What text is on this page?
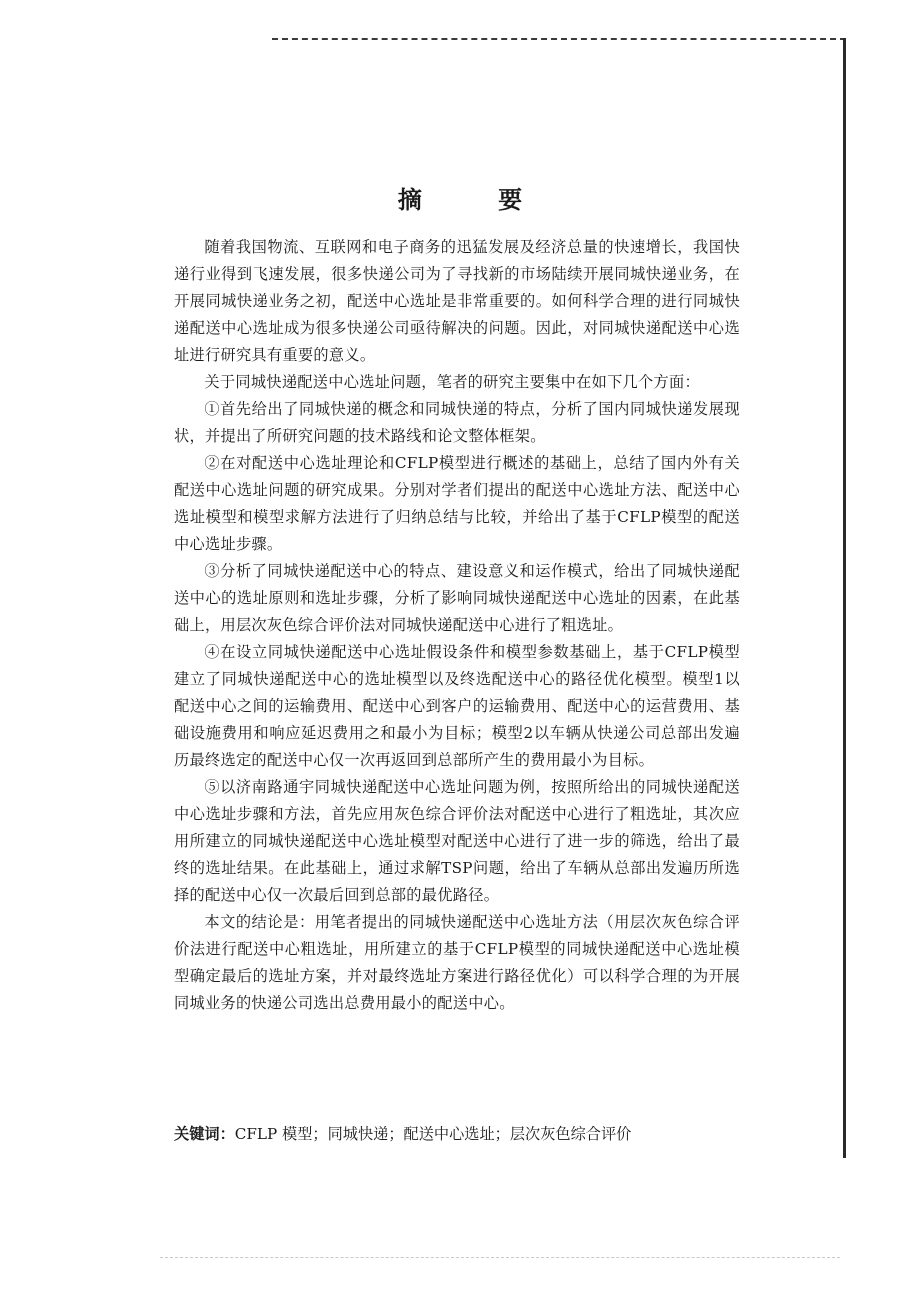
摘 要

随着我国物流、互联网和电子商务的迅猛发展及经济总量的快速增长，我国快递行业得到飞速发展，很多快递公司为了寻找新的市场陆续开展同城快递业务，在开展同城快递业务之初，配送中心选址是非常重要的。如何科学合理的进行同城快递配送中心选址成为很多快递公司亟待解决的问题。因此，对同城快递配送中心选址进行研究具有重要的意义。

关于同城快递配送中心选址问题，笔者的研究主要集中在如下几个方面：

①首先给出了同城快递的概念和同城快递的特点，分析了国内同城快递发展现状，并提出了所研究问题的技术路线和论文整体框架。

②在对配送中心选址理论和CFLP模型进行概述的基础上，总结了国内外有关配送中心选址问题的研究成果。分别对学者们提出的配送中心选址方法、配送中心选址模型和模型求解方法进行了归纳总结与比较，并给出了基于CFLP模型的配送中心选址步骤。

③分析了同城快递配送中心的特点、建设意义和运作模式，给出了同城快递配送中心的选址原则和选址步骤，分析了影响同城快递配送中心选址的因素，在此基础上，用层次灰色综合评价法对同城快递配送中心进行了粗选址。

④在设立同城快递配送中心选址假设条件和模型参数基础上，基于CFLP模型建立了同城快递配送中心的选址模型以及终选配送中心的路径优化模型。模型1以配送中心之间的运输费用、配送中心到客户的运输费用、配送中心的运营费用、基础设施费用和响应延迟费用之和最小为目标；模型2以车辆从快递公司总部出发遍历最终选定的配送中心仅一次再返回到总部所产生的费用最小为目标。

⑤以济南路通宇同城快递配送中心选址问题为例，按照所给出的同城快递配送中心选址步骤和方法，首先应用灰色综合评价法对配送中心进行了粗选址，其次应用所建立的同城快递配送中心选址模型对配送中心进行了进一步的筛选，给出了最终的选址结果。在此基础上，通过求解TSP问题，给出了车辆从总部出发遍历所选择的配送中心仅一次最后回到总部的最优路径。

本文的结论是：用笔者提出的同城快递配送中心选址方法（用层次灰色综合评价法进行配送中心粗选址，用所建立的基于CFLP模型的同城快递配送中心选址模型确定最后的选址方案，并对最终选址方案进行路径优化）可以科学合理的为开展同城业务的快递公司选出总费用最小的配送中心。

关键词：CFLP 模型；同城快递；配送中心选址；层次灰色综合评价
